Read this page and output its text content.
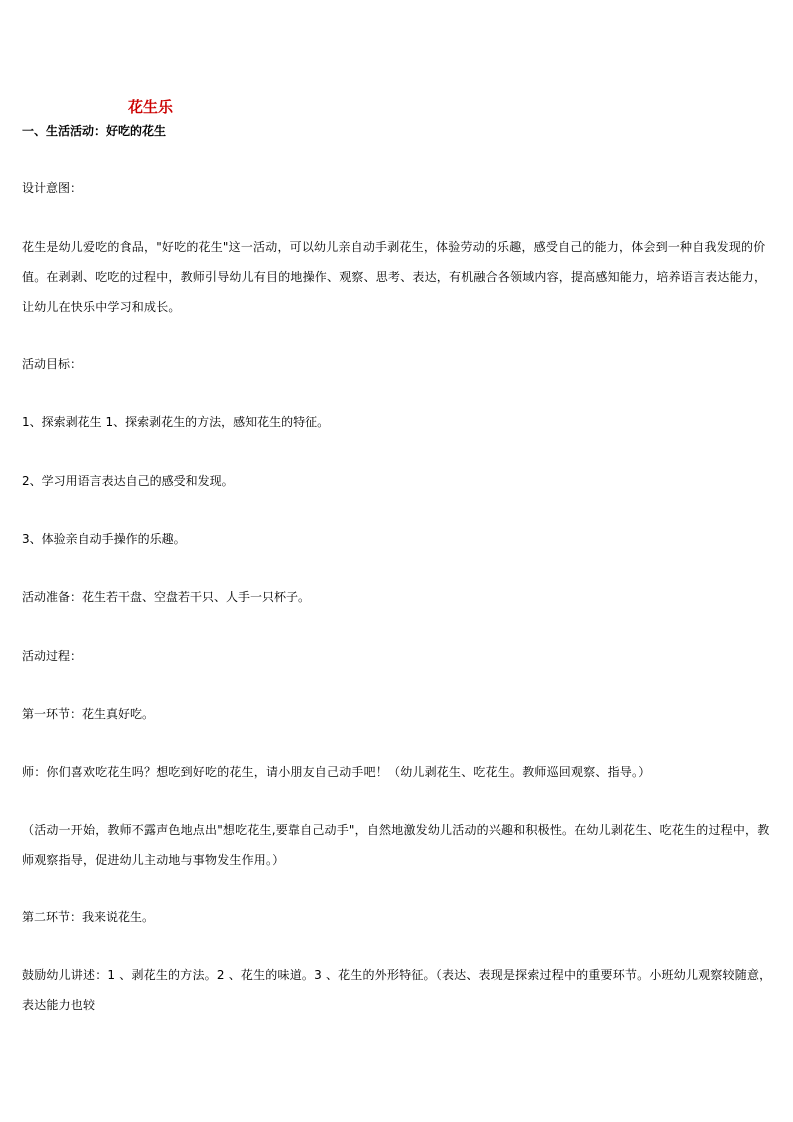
花生乐
一、生活活动：好吃的花生
设计意图：
花生是幼儿爱吃的食品，"好吃的花生"这一活动，可以幼儿亲自动手剥花生，体验劳动的乐趣，感受自己的能力，体会到一种自我发现的价值。在剥剥、吃吃的过程中，教师引导幼儿有目的地操作、观察、思考、表达，有机融合各领域内容，提高感知能力，培养语言表达能力，让幼儿在快乐中学习和成长。
活动目标：
1、探索剥花生 1、探索剥花生的方法，感知花生的特征。
2、学习用语言表达自己的感受和发现。
3、体验亲自动手操作的乐趣。
活动准备：花生若干盘、空盘若干只、人手一只杯子。
活动过程：
第一环节：花生真好吃。
师：你们喜欢吃花生吗？想吃到好吃的花生，请小朋友自己动手吧！（幼儿剥花生、吃花生。教师巡回观察、指导。）
（活动一开始，教师不露声色地点出"想吃花生,要靠自己动手"，自然地激发幼儿活动的兴趣和积极性。在幼儿剥花生、吃花生的过程中，教师观察指导，促进幼儿主动地与事物发生作用。）
第二环节：我来说花生。
鼓励幼儿讲述：1 、剥花生的方法。2 、花生的味道。3 、花生的外形特征。（表达、表现是探索过程中的重要环节。小班幼儿观察较随意，表达能力也较
